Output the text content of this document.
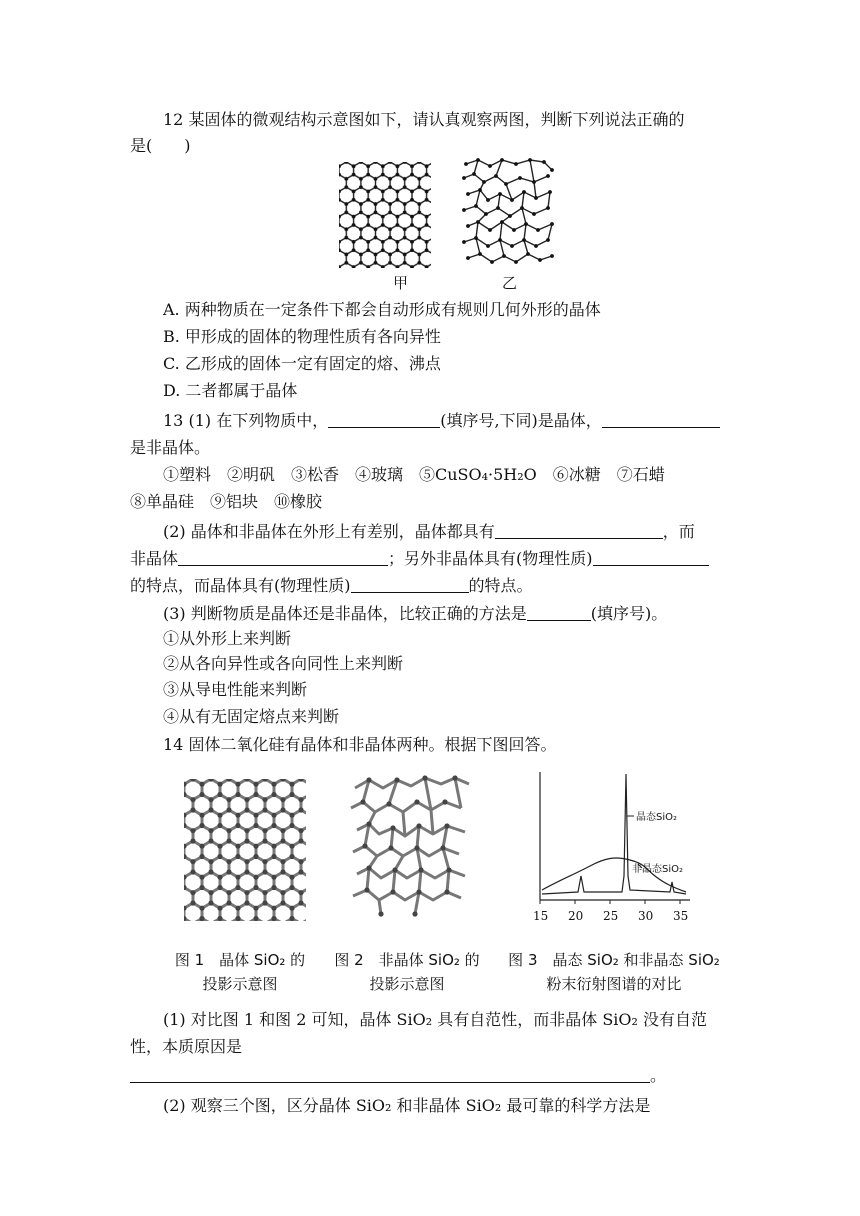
12 某固体的微观结构示意图如下，请认真观察两图，判断下列说法正确的
是(　　)
甲	乙
A. 两种物质在一定条件下都会自动形成有规则几何外形的晶体
B. 甲形成的固体的物理性质有各向异性
C. 乙形成的固体一定有固定的熔、沸点
D. 二者都属于晶体
13 (1) 在下列物质中，	(填序号,下同)是晶体，
是非晶体。
①塑料　②明矾　③松香　④玻璃　⑤CuSO₄·5H₂O　⑥冰糖　⑦石蜡
⑧单晶硅　⑨铝块　⑩橡胶
(2) 晶体和非晶体在外形上有差别，晶体都具有	，而
非晶体	；另外非晶体具有(物理性质)
的特点，而晶体具有(物理性质)	的特点。
(3) 判断物质是晶体还是非晶体，比较正确的方法是	(填序号)。
①从外形上来判断
②从各向异性或各向同性上来判断
③从导电性能来判断
④从有无固定熔点来判断
14 固体二氧化硅有晶体和非晶体两种。根据下图回答。
晶态SiO₂
非晶态SiO₂
15 20 25 30 35
图 1　晶体 SiO₂ 的
投影示意图
图 2　非晶体 SiO₂ 的
投影示意图
图 3　晶态 SiO₂ 和非晶态 SiO₂
粉末衍射图谱的对比
(1) 对比图 1 和图 2 可知，晶体 SiO₂ 具有自范性，而非晶体 SiO₂ 没有自范
性，本质原因是
。
(2) 观察三个图，区分晶体 SiO₂ 和非晶体 SiO₂ 最可靠的科学方法是
